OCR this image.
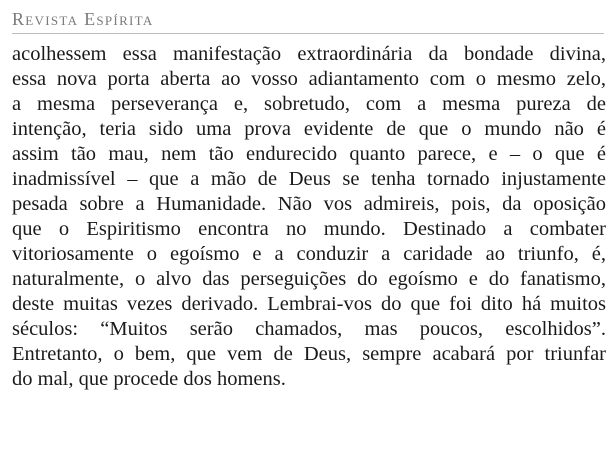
Revista Espírita
acolhessem essa manifestação extraordinária da bondade divina,
essa nova porta aberta ao vosso adiantamento com o mesmo zelo,
a mesma perseverança e, sobretudo, com a mesma pureza de
intenção, teria sido uma prova evidente de que o mundo não é
assim tão mau, nem tão endurecido quanto parece, e – o que é
inadmissível – que a mão de Deus se tenha tornado injustamente
pesada sobre a Humanidade. Não vos admireis, pois, da oposição
que o Espiritismo encontra no mundo. Destinado a combater
vitoriosamente o egoísmo e a conduzir a caridade ao triunfo, é,
naturalmente, o alvo das perseguições do egoísmo e do fanatismo,
deste muitas vezes derivado. Lembrai-vos do que foi dito há muitos
séculos: “Muitos serão chamados, mas poucos, escolhidos”.
Entretanto, o bem, que vem de Deus, sempre acabará por triunfar
do mal, que procede dos homens.
